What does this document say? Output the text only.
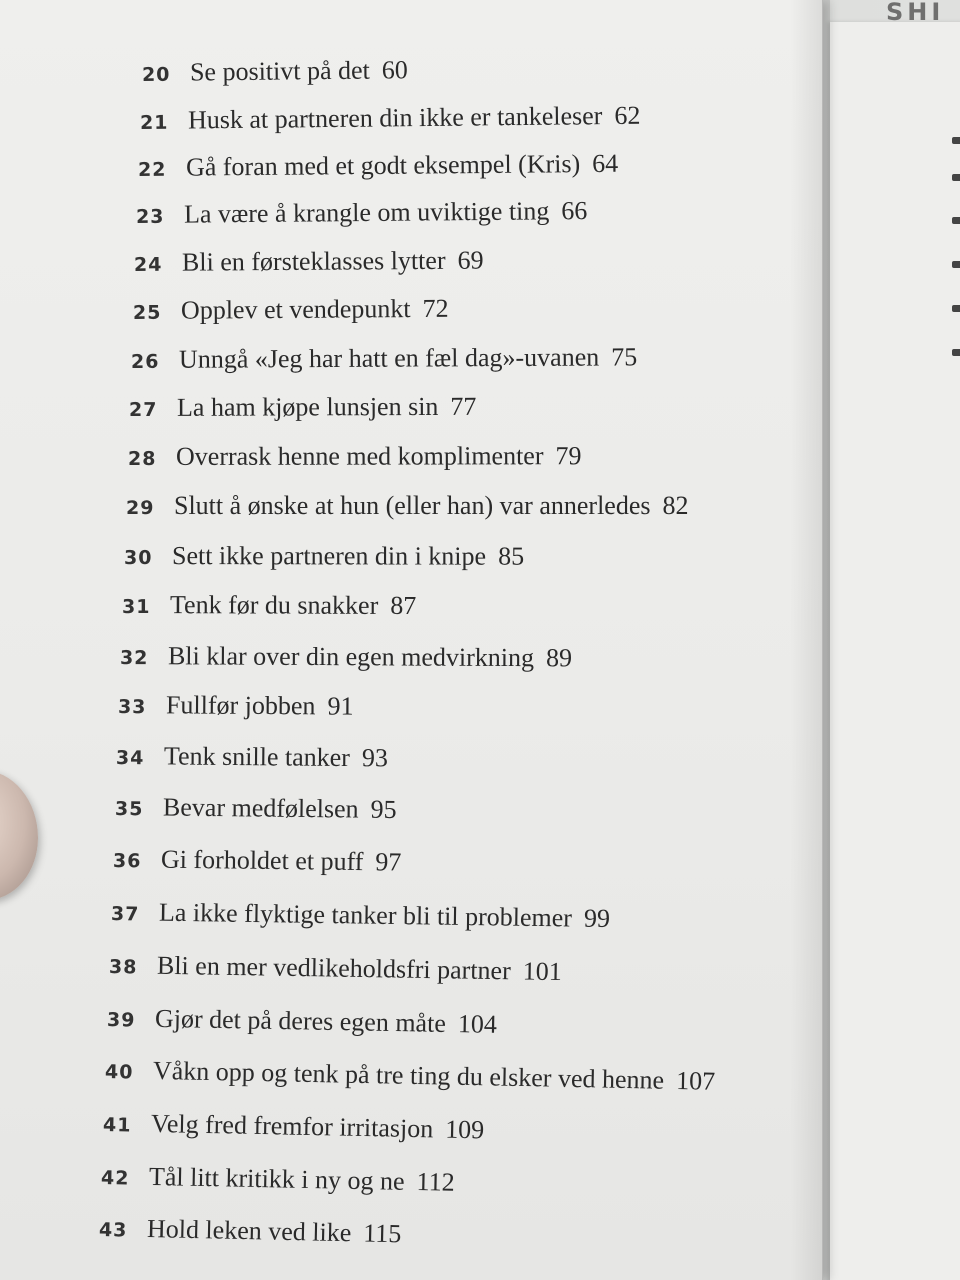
SHI
20 Se positivt på det 60
21 Husk at partneren din ikke er tankeleser 62
22 Gå foran med et godt eksempel (Kris) 64
23 La være å krangle om uviktige ting 66
24 Bli en førsteklasses lytter 69
25 Opplev et vendepunkt 72
26 Unngå «Jeg har hatt en fæl dag»-uvanen 75
27 La ham kjøpe lunsjen sin 77
28 Overrask henne med komplimenter 79
29 Slutt å ønske at hun (eller han) var annerledes 82
30 Sett ikke partneren din i knipe 85
31 Tenk før du snakker 87
32 Bli klar over din egen medvirkning 89
33 Fullfør jobben 91
34 Tenk snille tanker 93
35 Bevar medfølelsen 95
36 Gi forholdet et puff 97
37 La ikke flyktige tanker bli til problemer 99
38 Bli en mer vedlikeholdsfri partner 101
39 Gjør det på deres egen måte 104
40 Våkn opp og tenk på tre ting du elsker ved henne 107
41 Velg fred fremfor irritasjon 109
42 Tål litt kritikk i ny og ne 112
43 Hold leken ved like 115
